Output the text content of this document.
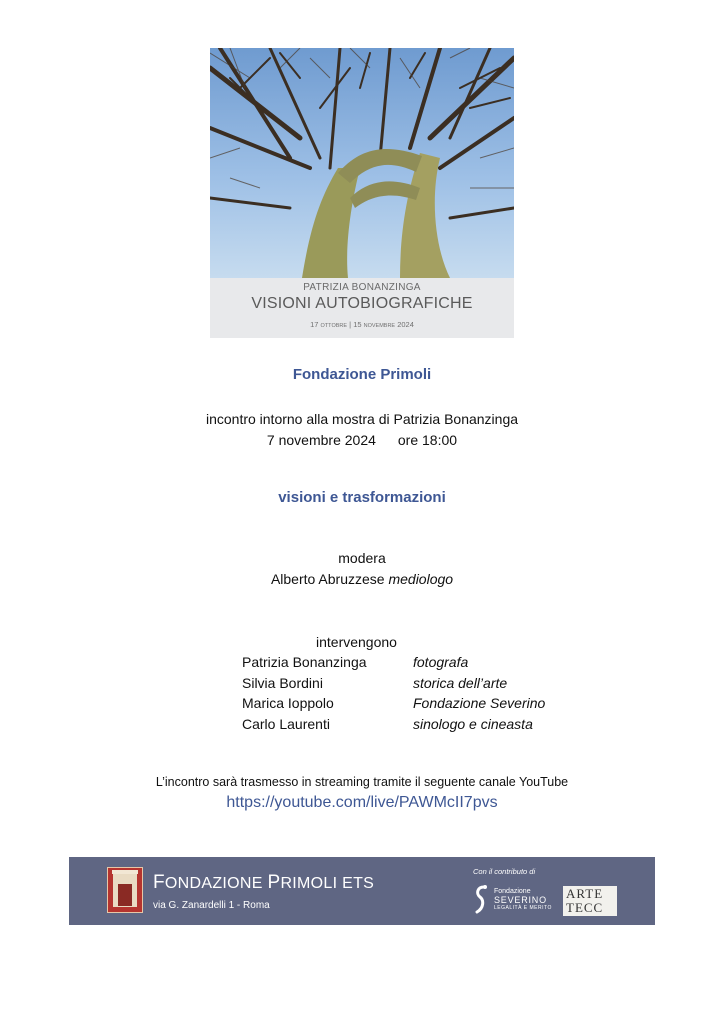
PATRIZIA BONANZINGA
VISIONI AUTOBIOGRAFICHE
17 OTTOBRE | 15 NOVEMBRE 2024
Fondazione Primoli
incontro intorno alla mostra di Patrizia Bonanzinga
7 novembre 2024 ore 18:00
visioni e trasformazioni
modera
Alberto Abruzzese mediologo
intervengono
Patrizia Bonanzinga	fotografa
Silvia Bordini	storica dell’arte
Marica Ioppolo	Fondazione Severino
Carlo Laurenti	sinologo e cineasta
L’incontro sarà trasmesso in streaming tramite il seguente canale YouTube
https://youtube.com/live/PAWMcII7pvs
FONDAZIONE PRIMOLI ETS
via G. Zanardelli 1 - Roma
Con il contributo di
Fondazione
SEVERINO
LEGALITÀ E MERITO
ARTE
TECC
